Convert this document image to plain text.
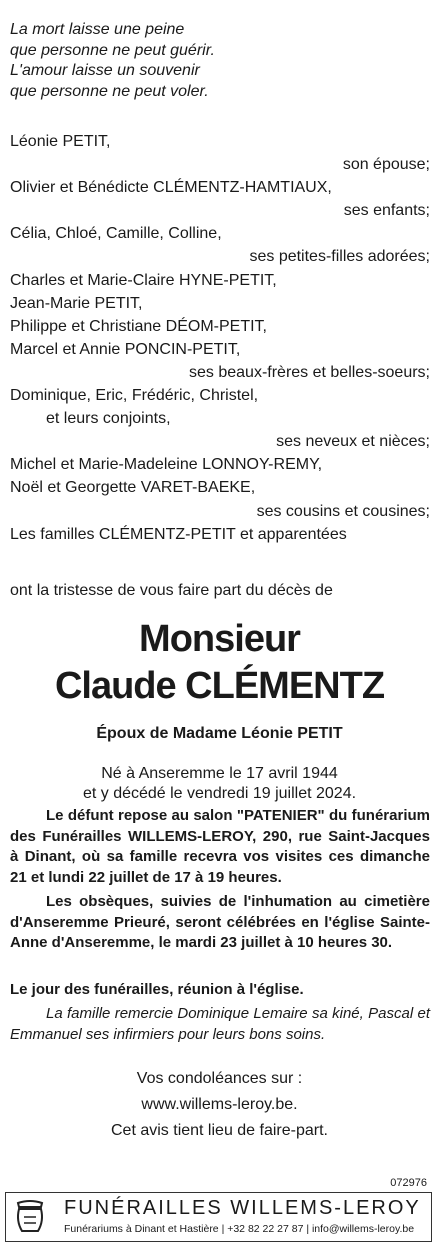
La mort laisse une peine
que personne ne peut guérir.
L'amour laisse un souvenir
que personne ne peut voler.
Léonie PETIT,
son épouse;
Olivier et Bénédicte CLÉMENTZ-HAMTIAUX,
ses enfants;
Célia, Chloé, Camille, Colline,
ses petites-filles adorées;
Charles et Marie-Claire HYNE-PETIT,
Jean-Marie PETIT,
Philippe et Christiane DÉOM-PETIT,
Marcel et Annie PONCIN-PETIT,
ses beaux-frères et belles-soeurs;
Dominique, Eric, Frédéric, Christel,
et leurs conjoints,
ses neveux et nièces;
Michel et Marie-Madeleine LONNOY-REMY,
Noël et Georgette VARET-BAEKE,
ses cousins et cousines;
Les familles CLÉMENTZ-PETIT et apparentées
ont la tristesse de vous faire part du décès de
Monsieur
Claude CLÉMENTZ
Époux de Madame Léonie PETIT
Né à Anseremme le 17 avril 1944
et y décédé le vendredi 19 juillet 2024.
Le défunt repose au salon "PATENIER" du funérarium des Funérailles WILLEMS-LEROY, 290, rue Saint-Jacques à Dinant, où sa famille recevra vos visites ces dimanche 21 et lundi 22 juillet de 17 à 19 heures.
Les obsèques, suivies de l'inhumation au cimetière d'Anseremme Prieuré, seront célébrées en l'église Sainte-Anne d'Anseremme, le mardi 23 juillet à 10 heures 30.
Le jour des funérailles, réunion à l'église.
La famille remercie Dominique Lemaire sa kiné, Pascal et Emmanuel ses infirmiers pour leurs bons soins.
Vos condoléances sur :
www.willems-leroy.be.
Cet avis tient lieu de faire-part.
072976
FUNÉRAILLES WILLEMS-LEROY
Funérariums à Dinant et Hastière | +32 82 22 27 87 | info@willems-leroy.be
